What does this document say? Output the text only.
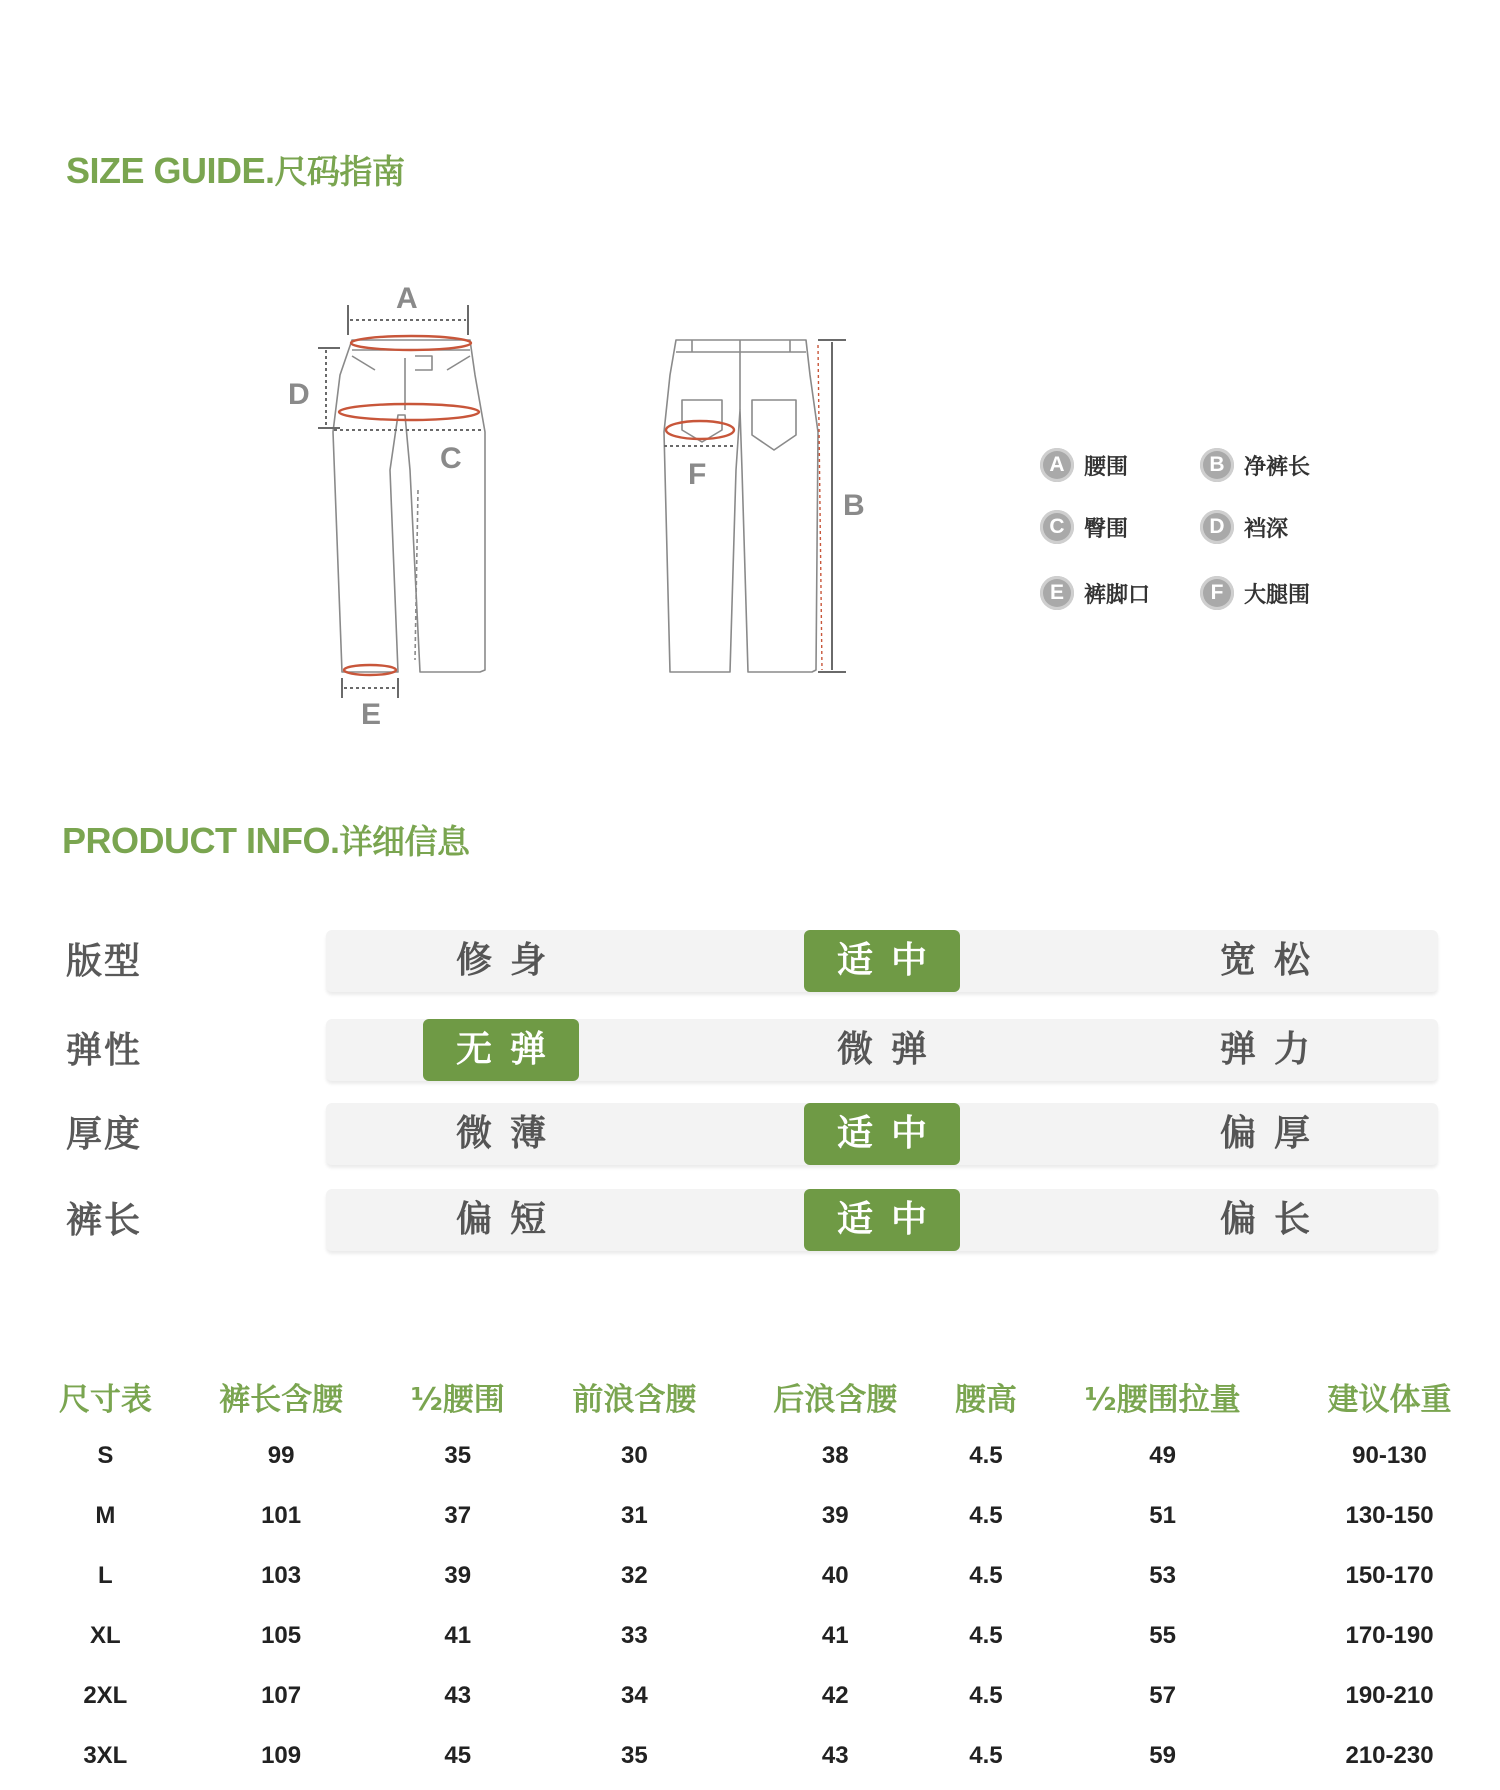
SIZE GUIDE.尺码指南
A
B
C
D
E
F	A 腰围	B 净裤长
C 臀围	D 裆深
E 裤脚口	F 大腿围
PRODUCT INFO.详细信息
版型	修身	适中	宽松
弹性	无弹	微弹	弹力
厚度	微薄	适中	偏厚
裤长	偏短	适中	偏长
尺寸表	裤长含腰	½腰围	前浪含腰	后浪含腰	腰高	½腰围拉量	建议体重
S	99	35	30	38	4.5	49	90-130
M	101	37	31	39	4.5	51	130-150
L	103	39	32	40	4.5	53	150-170
XL	105	41	33	41	4.5	55	170-190
2XL	107	43	34	42	4.5	57	190-210
3XL	109	45	35	43	4.5	59	210-230
